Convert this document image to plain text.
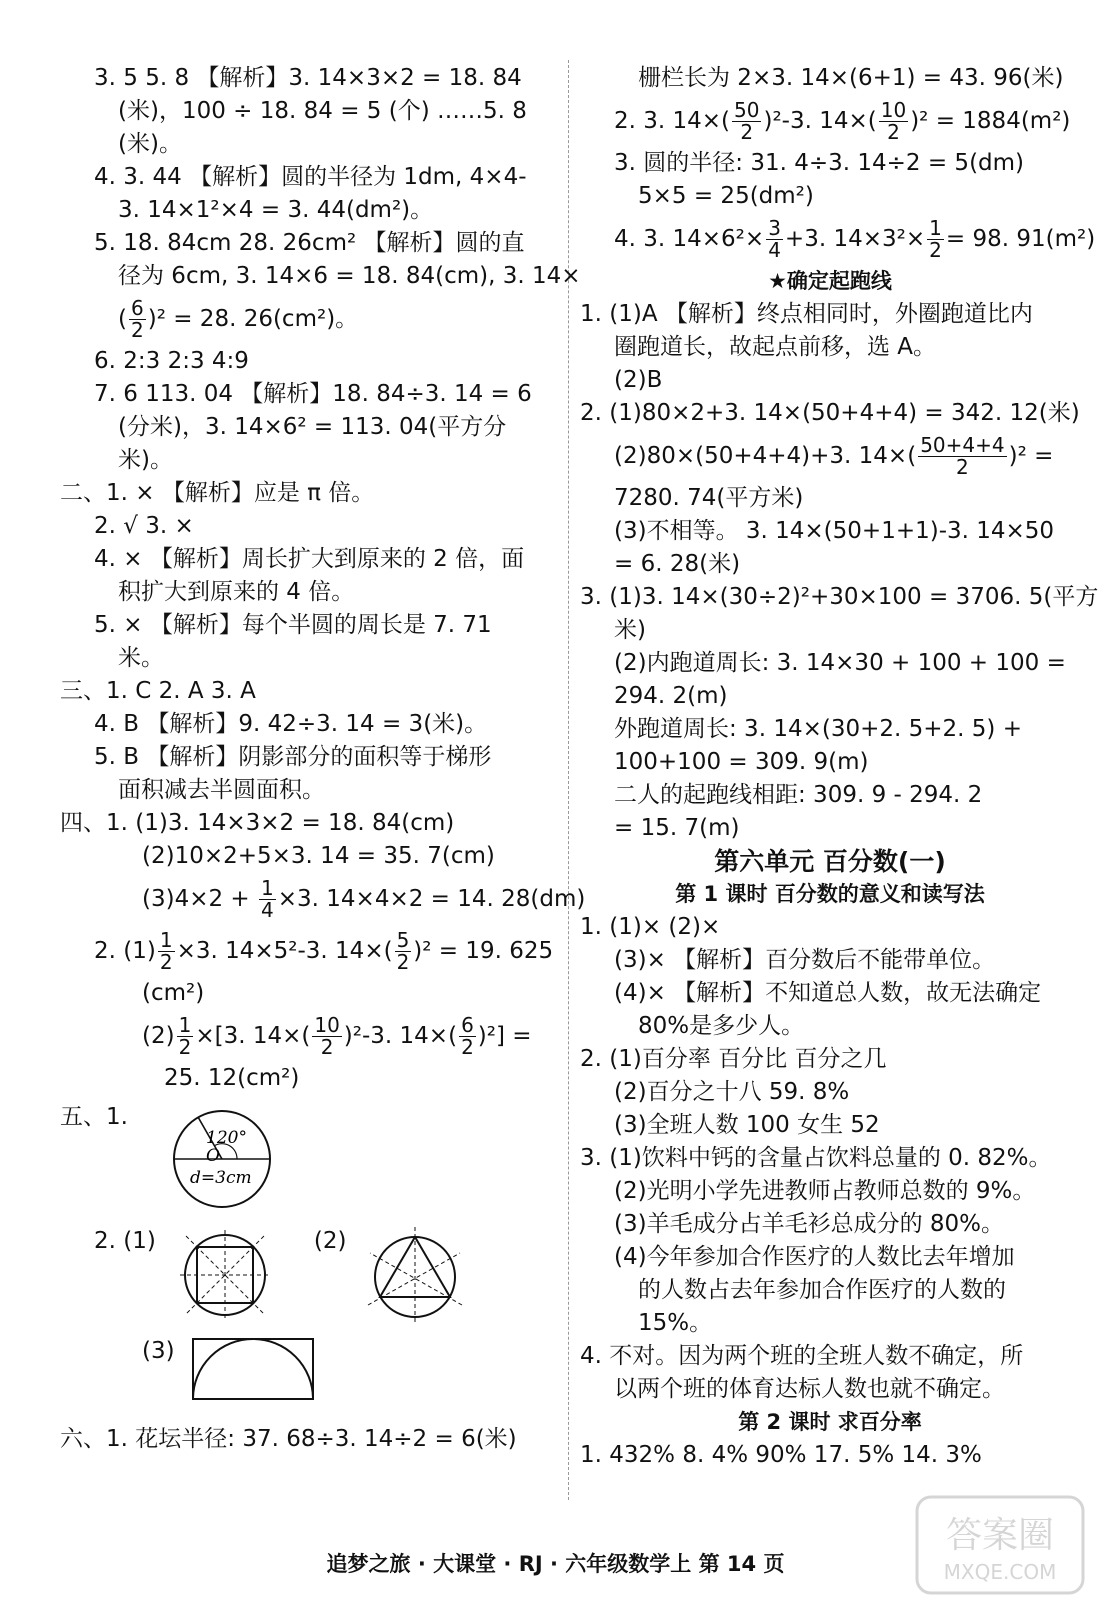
3. 5 5. 8 【解析】3. 14×3×2 = 18. 84
(米)，100 ÷ 18. 84 = 5 (个) ……5. 8
(米)。
4. 3. 44 【解析】圆的半径为 1dm, 4×4-
3. 14×1²×4 = 3. 44(dm²)。
5. 18. 84cm 28. 26cm² 【解析】圆的直
径为 6cm, 3. 14×6 = 18. 84(cm), 3. 14×
( $\frac{6}{2} )^2 = 28$. 26(cm²)。
6. 2:3 2:3 4:9
7. 6 113. 04 【解析】18. 84÷3. 14 = 6
(分米)，3. 14×6² = 113. 04(平方分
米)。
二、1. × 【解析】应是 π 倍。
2. √ 3. ×
4. × 【解析】周长扩大到原来的 2 倍，面
积扩大到原来的 4 倍。
5. × 【解析】每个半圆的周长是 7. 71
米。
三、1. C 2. A 3. A
4. B 【解析】9. 42÷3. 14 = 3(米)。
5. B 【解析】阴影部分的面积等于梯形
面积减去半圆面积。
四、1. (1)3. 14×3×2 = 18. 84(cm)
(2)10×2+5×3. 14 = 35. 7(cm)
$(3)4\times 2 + \frac{1}{4} \times 3$. 14×4×2 = 14. 28(dm)
2. $(1) \frac{1}{2} \times 3$. 14×5²-3. $14\times( \frac{5}{2} )^2 = 19$. 625
(cm²)
$(2) \frac{1}{2} \times[3$. $14\times( \frac{10}{2} )^2-3$. $14\times( \frac{6}{2} )^2$] =
25. 12(cm²)
五、1.
120°
O
d=3cm
2. (1)	(2)
(3)
六、1. 花坛半径: 37. 68÷3. 14÷2 = 6(米)
栅栏长为 2×3. 14×(6+1) = 43. 96(米)
2. 3. $14\times( \frac{50}{2} )^2-3$. $14\times( \frac{10}{2} )^2 = 1884(m^2)$
3. 圆的半径: 31. 4÷3. 14÷2 = 5(dm)
5×5 = 25(dm²)
4. 3. $14\times 6^2\times \frac{3}{4} +3$. $14\times 3^2\times \frac{1}{2} = 98$. 91(m²)
★确定起跑线
1. (1)A 【解析】终点相同时，外圈跑道比内
圈跑道长，故起点前移，选 A。
(2)B
2. (1)80×2+3. 14×(50+4+4) = 342. 12(米)
(2)80×(50+4+4)+3. $14\times( \frac{50+4+4}{2} )^2$ =
7280. 74(平方米)
(3)不相等。 3. 14×(50+1+1)-3. 14×50
= 6. 28(米)
3. (1)3. 14×(30÷2)²+30×100 = 3706. 5(平方
米)
(2)内跑道周长: 3. 14×30 + 100 + 100 =
294. 2(m)
外跑道周长: 3. 14×(30+2. 5+2. 5) +
100+100 = 309. 9(m)
二人的起跑线相距: 309. 9 - 294. 2
= 15. 7(m)
第六单元 百分数(一)
第 1 课时 百分数的意义和读写法
1. (1)× (2)×
(3)× 【解析】百分数后不能带单位。
(4)× 【解析】不知道总人数，故无法确定
80%是多少人。
2. (1)百分率 百分比 百分之几
(2)百分之十八 59. 8%
(3)全班人数 100 女生 52
3. (1)饮料中钙的含量占饮料总量的 0. 82%。
(2)光明小学先进教师占教师总数的 9%。
(3)羊毛成分占羊毛衫总成分的 80%。
(4)今年参加合作医疗的人数比去年增加
的人数占去年参加合作医疗的人数的
15%。
4. 不对。因为两个班的全班人数不确定，所
以两个班的体育达标人数也就不确定。
第 2 课时 求百分率
1. 432% 8. 4% 90% 17. 5% 14. 3%
追梦之旅 · 大课堂 · RJ · 六年级数学上 第 14 页
答案圈
MXQE.COM
